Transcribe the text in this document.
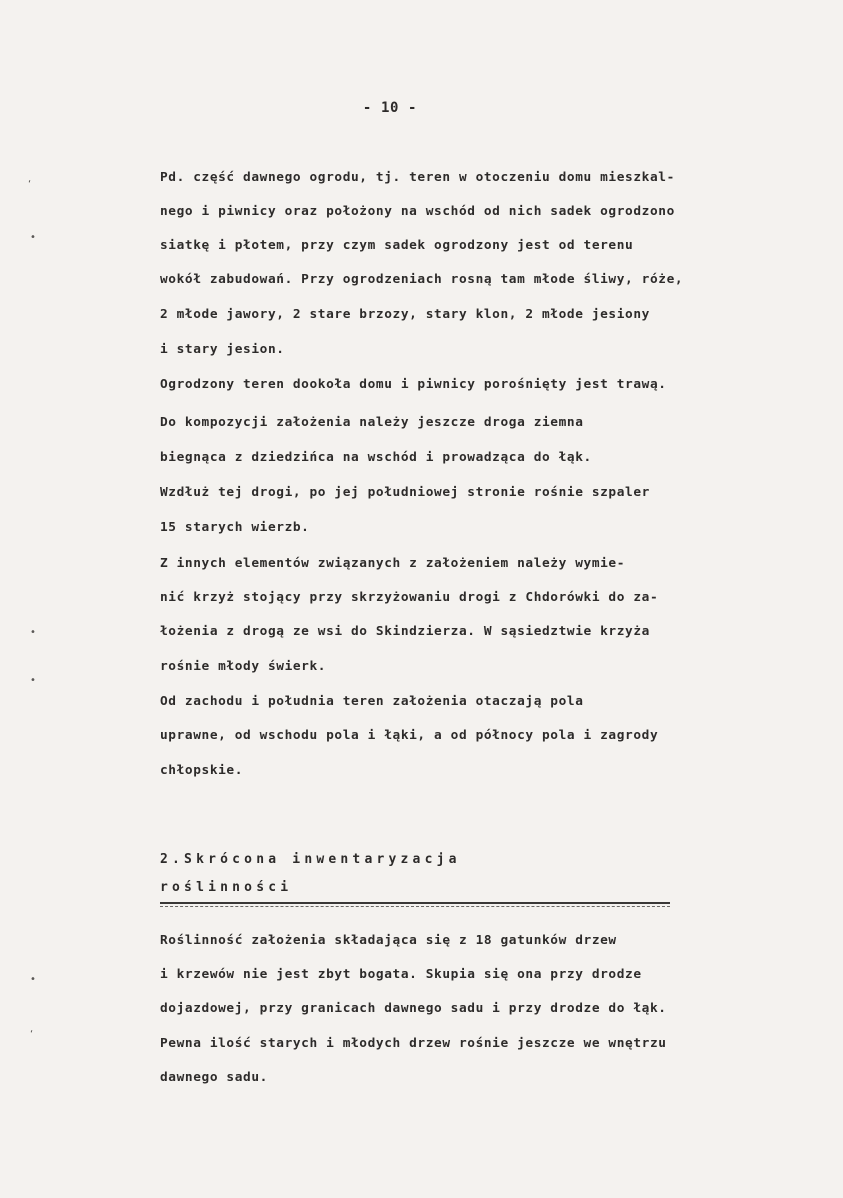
‘
•
•
•
•
‘
- 10 -
Pd. część dawnego ogrodu, tj. teren w otoczeniu domu mieszkal-
nego i piwnicy oraz położony na wschód od nich sadek ogrodzono
siatkę i płotem, przy czym sadek ogrodzony jest od terenu
wokół zabudowań. Przy ogrodzeniach rosną tam młode śliwy, róże,
2 młode jawory, 2 stare brzozy, stary klon, 2 młode jesiony
i stary jesion.
Ogrodzony teren dookoła domu i piwnicy porośnięty jest trawą.
Do kompozycji założenia należy jeszcze droga ziemna
biegnąca z dziedzińca na wschód i prowadząca do łąk.
Wzdłuż tej drogi, po jej południowej stronie rośnie szpaler
15 starych wierzb.
Z innych elementów związanych z założeniem należy wymie-
nić krzyż stojący przy skrzyżowaniu drogi z Chdorówki do za-
łożenia z drogą ze wsi do Skindzierza. W sąsiedztwie krzyża
rośnie młody świerk.
Od zachodu i południa teren założenia otaczają pola
uprawne, od wschodu pola i łąki, a od północy pola i zagrody
chłopskie.
2.Skrócona inwentaryzacja
roślinności
Roślinność założenia składająca się z 18 gatunków drzew
i krzewów nie jest zbyt bogata. Skupia się ona przy drodze
dojazdowej, przy granicach dawnego sadu i przy drodze do łąk.
Pewna ilość starych i młodych drzew rośnie jeszcze we wnętrzu
dawnego sadu.
